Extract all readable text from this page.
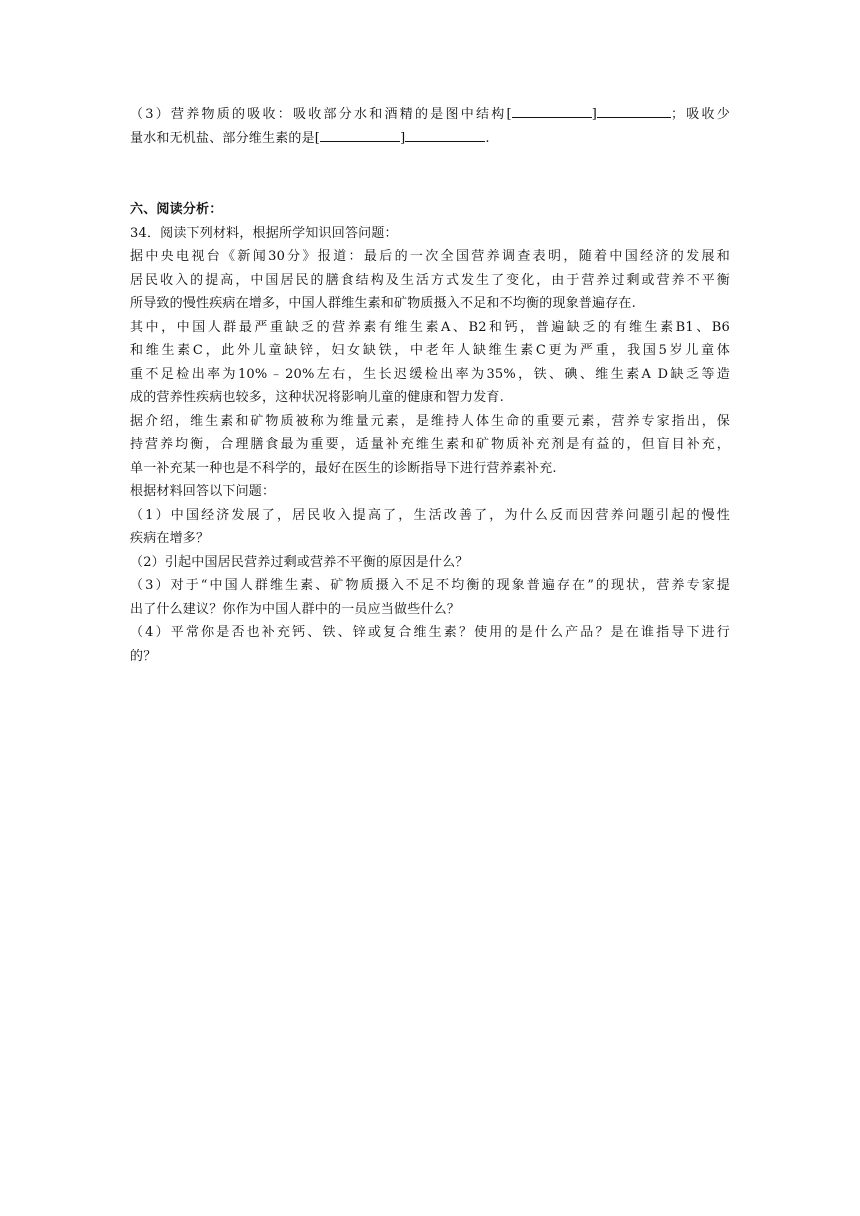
（3）营养物质的吸收：吸收部分水和酒精的是图中结构[	]	；吸收少
量水和无机盐、部分维生素的是[	]	.
六、阅读分析：
34．阅读下列材料，根据所学知识回答问题：
据中央电视台《新闻30分》报道：最后的一次全国营养调查表明，随着中国经济的发展和
居民收入的提高，中国居民的膳食结构及生活方式发生了变化，由于营养过剩或营养不平衡
所导致的慢性疾病在增多，中国人群维生素和矿物质摄入不足和不均衡的现象普遍存在.
其中，中国人群最严重缺乏的营养素有维生素A、B2和钙，普遍缺乏的有维生素B1、B6
和维生素C，此外儿童缺锌，妇女缺铁，中老年人缺维生素C更为严重，我国5岁儿童体
重不足检出率为10%﹣20%左右，生长迟缓检出率为35%，铁、碘、维生素A D缺乏等造
成的营养性疾病也较多，这种状况将影响儿童的健康和智力发育.
据介绍，维生素和矿物质被称为维量元素，是维持人体生命的重要元素，营养专家指出，保
持营养均衡，合理膳食最为重要，适量补充维生素和矿物质补充剂是有益的，但盲目补充，
单一补充某一种也是不科学的，最好在医生的诊断指导下进行营养素补充.
根据材料回答以下问题：
（1）中国经济发展了，居民收入提高了，生活改善了，为什么反而因营养问题引起的慢性
疾病在增多？
（2）引起中国居民营养过剩或营养不平衡的原因是什么？
（3）对于“中国人群维生素、矿物质摄入不足不均衡的现象普遍存在”的现状，营养专家提
出了什么建议？你作为中国人群中的一员应当做些什么？
（4）平常你是否也补充钙、铁、锌或复合维生素？使用的是什么产品？是在谁指导下进行
的？
